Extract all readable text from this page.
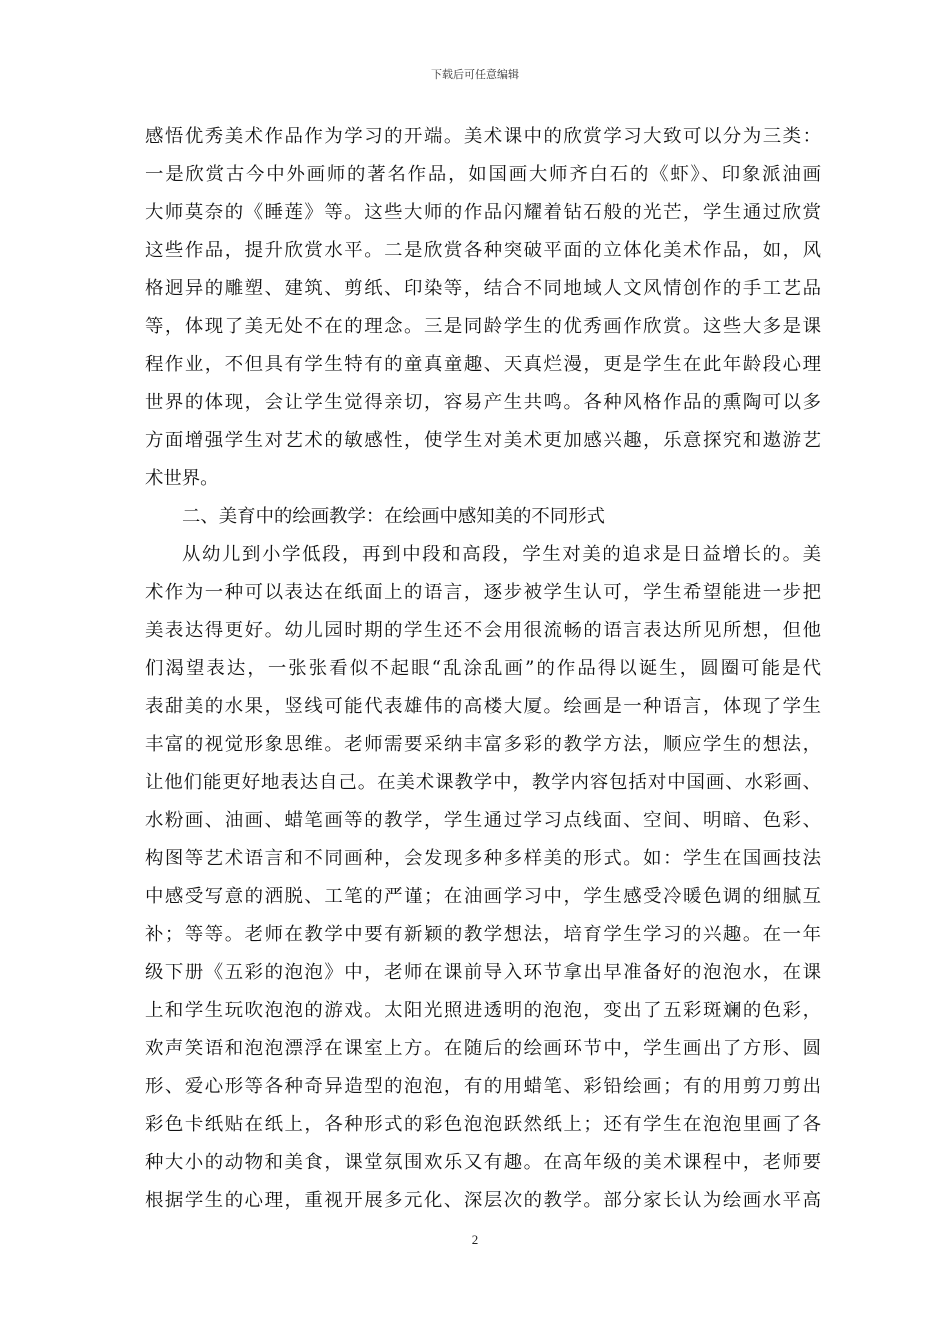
下载后可任意编辑
感悟优秀美术作品作为学习的开端。美术课中的欣赏学习大致可以分为三类：
一是欣赏古今中外画师的著名作品，如国画大师齐白石的《虾》、印象派油画
大师莫奈的《睡莲》等。这些大师的作品闪耀着钻石般的光芒，学生通过欣赏
这些作品，提升欣赏水平。二是欣赏各种突破平面的立体化美术作品，如，风
格迥异的雕塑、建筑、剪纸、印染等，结合不同地域人文风情创作的手工艺品
等，体现了美无处不在的理念。三是同龄学生的优秀画作欣赏。这些大多是课
程作业，不但具有学生特有的童真童趣、天真烂漫，更是学生在此年龄段心理
世界的体现，会让学生觉得亲切，容易产生共鸣。各种风格作品的熏陶可以多
方面增强学生对艺术的敏感性，使学生对美术更加感兴趣，乐意探究和遨游艺
术世界。
二、美育中的绘画教学：在绘画中感知美的不同形式
从幼儿到小学低段，再到中段和高段，学生对美的追求是日益增长的。美
术作为一种可以表达在纸面上的语言，逐步被学生认可，学生希望能进一步把
美表达得更好。幼儿园时期的学生还不会用很流畅的语言表达所见所想，但他
们渴望表达，一张张看似不起眼“乱涂乱画”的作品得以诞生，圆圈可能是代
表甜美的水果，竖线可能代表雄伟的高楼大厦。绘画是一种语言，体现了学生
丰富的视觉形象思维。老师需要采纳丰富多彩的教学方法，顺应学生的想法，
让他们能更好地表达自己。在美术课教学中，教学内容包括对中国画、水彩画、
水粉画、油画、蜡笔画等的教学，学生通过学习点线面、空间、明暗、色彩、
构图等艺术语言和不同画种，会发现多种多样美的形式。如：学生在国画技法
中感受写意的洒脱、工笔的严谨；在油画学习中，学生感受冷暖色调的细腻互
补；等等。老师在教学中要有新颖的教学想法，培育学生学习的兴趣。在一年
级下册《五彩的泡泡》中，老师在课前导入环节拿出早准备好的泡泡水，在课
上和学生玩吹泡泡的游戏。太阳光照进透明的泡泡，变出了五彩斑斓的色彩，
欢声笑语和泡泡漂浮在课室上方。在随后的绘画环节中，学生画出了方形、圆
形、爱心形等各种奇异造型的泡泡，有的用蜡笔、彩铅绘画；有的用剪刀剪出
彩色卡纸贴在纸上，各种形式的彩色泡泡跃然纸上；还有学生在泡泡里画了各
种大小的动物和美食，课堂氛围欢乐又有趣。在高年级的美术课程中，老师要
根据学生的心理，重视开展多元化、深层次的教学。部分家长认为绘画水平高
2
